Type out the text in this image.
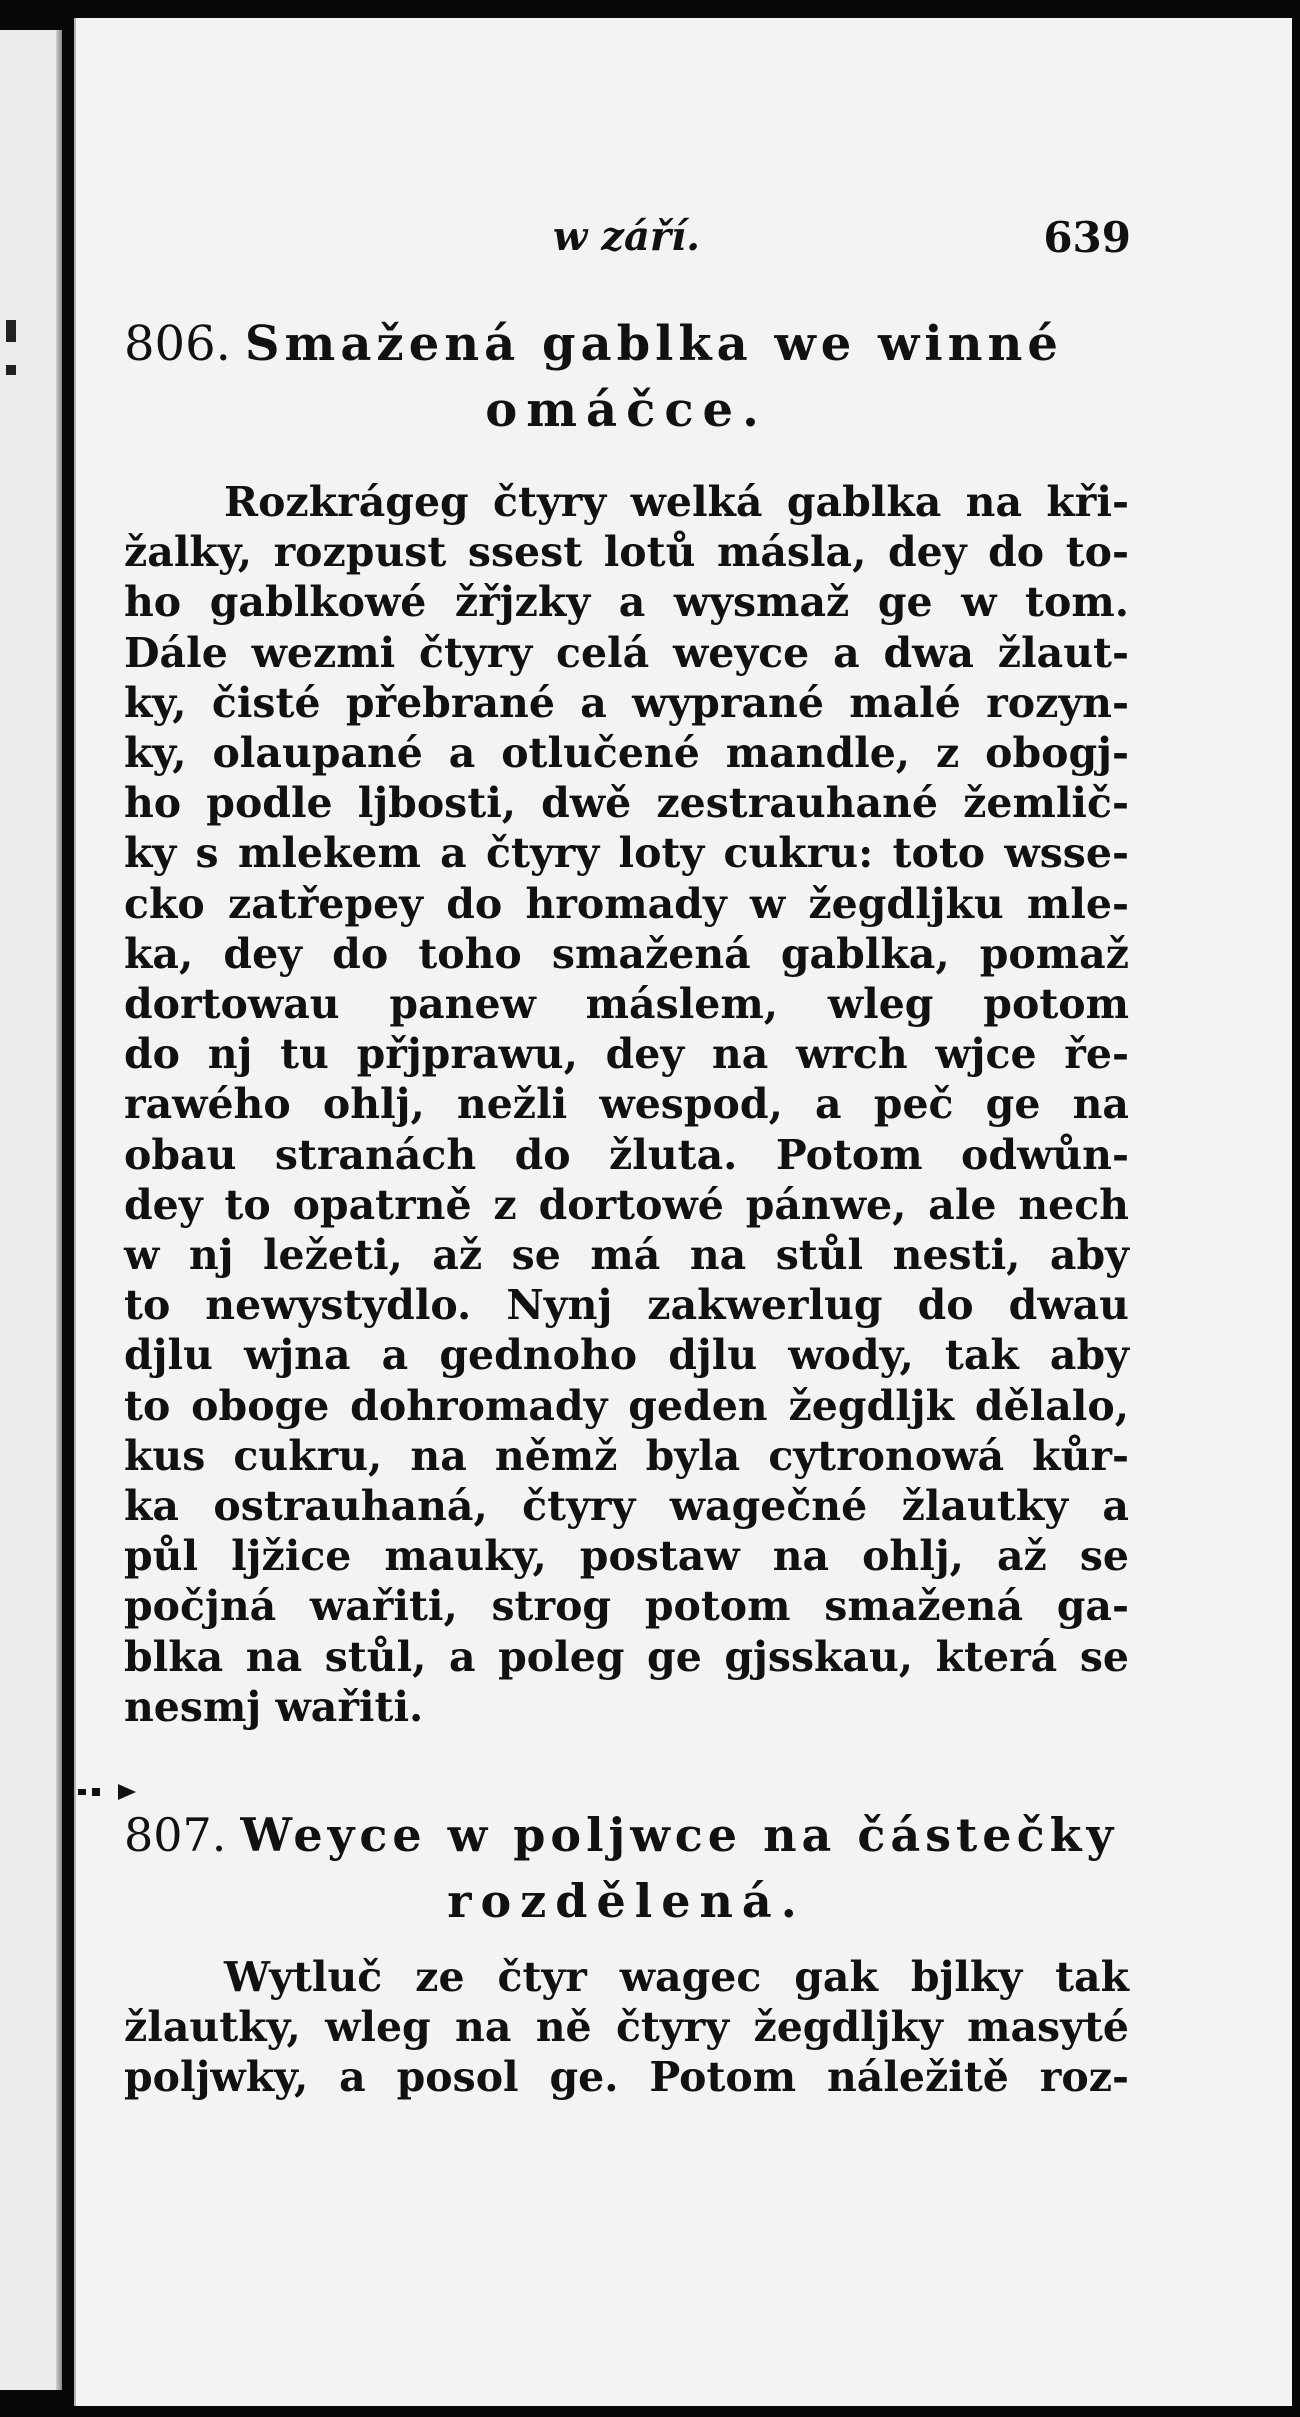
w září.	639
806. Smažená gablka we winné
omáčce.
Rozkrágeg čtyry welká gablka na kři-
žalky, rozpust ssest lotů másla, dey do to-
ho gablkowé žřjzky a wysmaž ge w tom.
Dále wezmi čtyry celá weyce a dwa žlaut-
ky, čisté přebrané a wyprané malé rozyn-
ky, olaupané a otlučené mandle, z obogj-
ho podle ljbosti, dwě zestrauhané žemlič-
ky s mlekem a čtyry loty cukru: toto wsse-
cko zatřepey do hromady w žegdljku mle-
ka, dey do toho smažená gablka, pomaž
dortowau panew máslem, wleg potom
do nj tu přjprawu, dey na wrch wjce ře-
rawého ohlj, nežli wespod, a peč ge na
obau stranách do žluta. Potom odwůn-
dey to opatrně z dortowé pánwe, ale nech
w nj ležeti, až se má na stůl nesti, aby
to newystydlo. Nynj zakwerlug do dwau
djlu wjna a gednoho djlu wody, tak aby
to oboge dohromady geden žegdljk dělalo,
kus cukru, na němž byla cytronowá kůr-
ka ostrauhaná, čtyry wagečné žlautky a
půl ljžice mauky, postaw na ohlj, až se
počjná wařiti, strog potom smažená ga-
blka na stůl, a poleg ge gjsskau, která se
nesmj wařiti.
807. Weyce w poljwce na částečky
rozdělená.
Wytluč ze čtyr wagec gak bjlky tak
žlautky, wleg na ně čtyry žegdljky masyté
poljwky, a posol ge. Potom náležitě roz-
